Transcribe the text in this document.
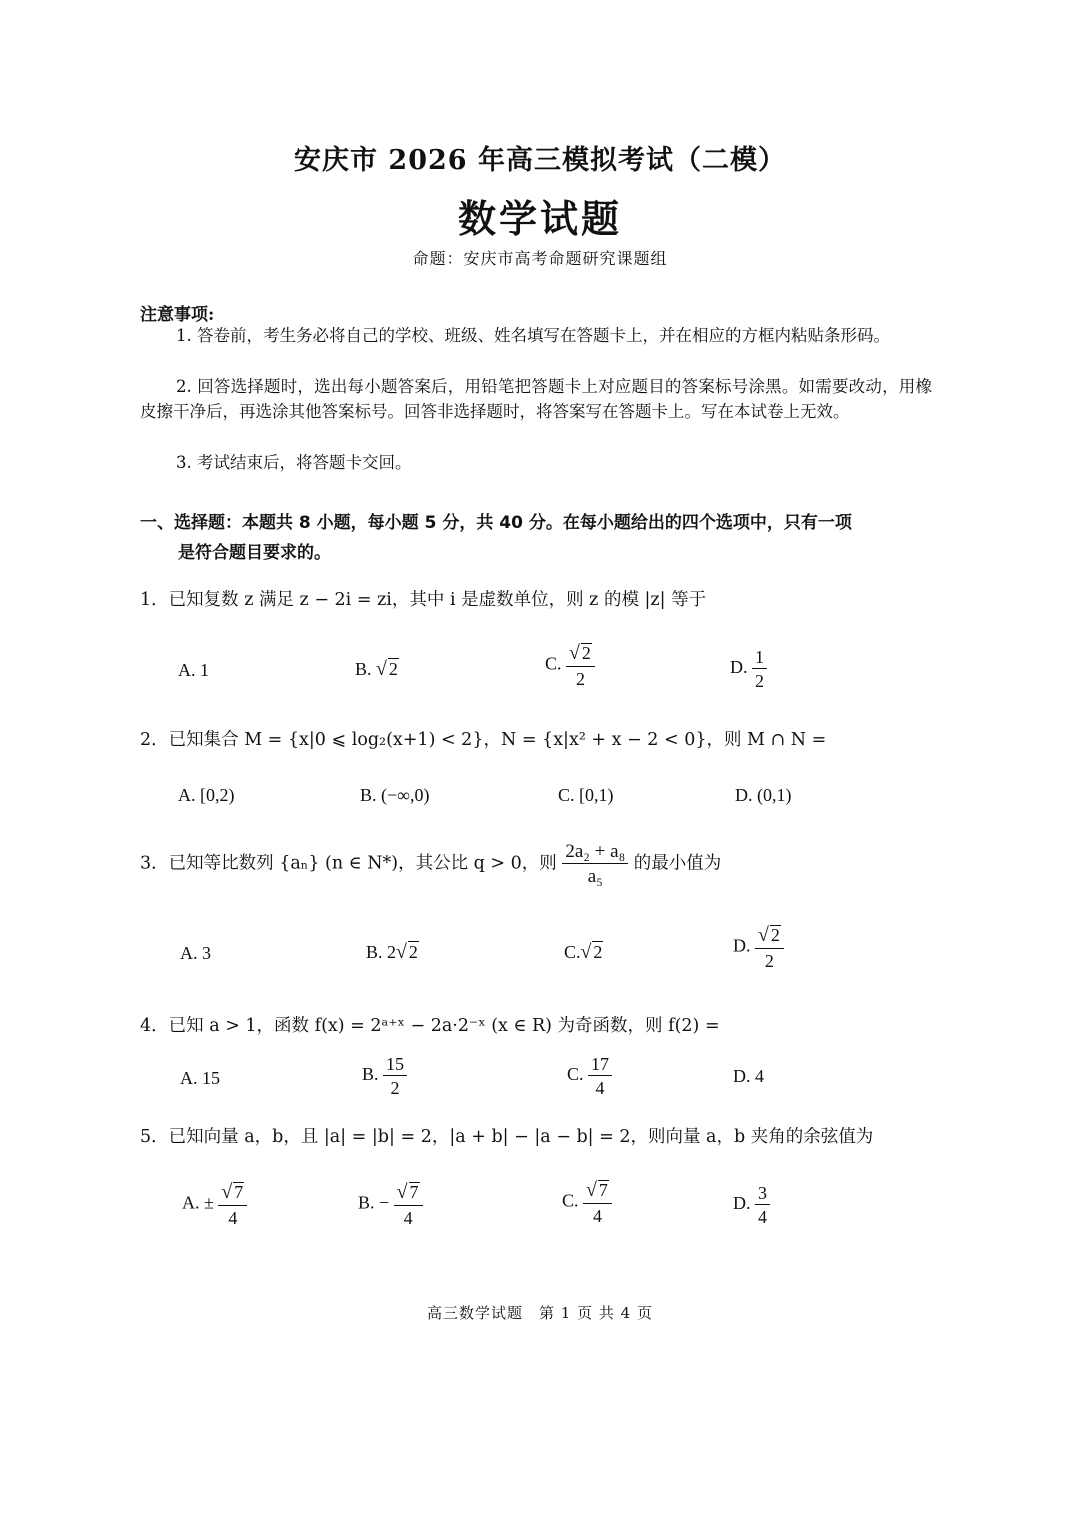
安庆市 2026 年高三模拟考试（二模）
数学试题
命题：安庆市高考命题研究课题组
注意事项:
1. 答卷前，考生务必将自己的学校、班级、姓名填写在答题卡上，并在相应的方框内粘贴条形码。
2. 回答选择题时，选出每小题答案后，用铅笔把答题卡上对应题目的答案标号涂黑。如需要改动，用橡皮擦干净后，再选涂其他答案标号。回答非选择题时，将答案写在答题卡上。写在本试卷上无效。
3. 考试结束后，将答题卡交回。
一、选择题：本题共 8 小题，每小题 5 分，共 40 分。在每小题给出的四个选项中，只有一项
是符合题目要求的。
1．已知复数 z 满足 z − 2i = zi，其中 i 是虚数单位，则 z 的模 |z| 等于
A. 1	B. √ 2	C. $\frac{√ 2}{2}$	D. $\frac{1}{2}$
2．已知集合 M = {x|0 ⩽ log₂(x+1) < 2}，N = {x|x² + x − 2 < 0}，则 M ∩ N =
A. [0,2)	B. (−∞,0)	C. [0,1)	D. (0,1)
3．已知等比数列 {aₙ} (n ∈ N*)，其公比 q > 0，则 $\frac{\text{2a₂ + a₈}}{\text{a₅}}$ 的最小值为
A. 3	B. 2√ 2	C.√ 2	D. $\frac{√ 2}{2}$
4．已知 a > 1，函数 f(x) = 2ᵃ⁺ˣ − 2a·2⁻ˣ (x ∈ R) 为奇函数，则 f(2) =
A. 15	B. $\frac{15}{2}$	C. $\frac{17}{4}$	D. 4
5．已知向量 a，b，且 |a| = |b| = 2，|a + b| − |a − b| = 2，则向量 a，b 夹角的余弦值为
A. ± $\frac{√ 7}{4}$	B. − $\frac{√ 7}{4}$	C. $\frac{√ 7}{4}$	D. $\frac{3}{4}$
高三数学试题　第 1 页 共 4 页
